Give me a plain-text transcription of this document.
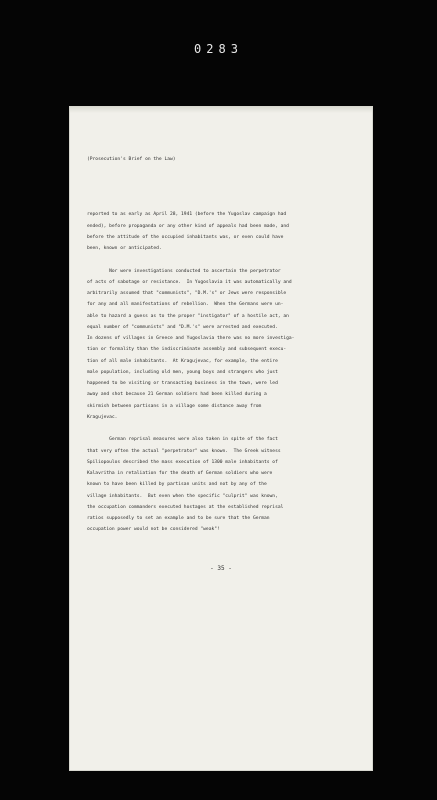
0283

(Prosecution's Brief on the Law)

reported to as early as April 28, 1941 (before the Yugoslav campaign had
ended), before propaganda or any other kind of appeals had been made, and
before the attitude of the occupied inhabitants was, or even could have
been, known or anticipated.
Nor were investigations conducted to ascertain the perpetrator
of acts of sabotage or resistance.  In Yugoslavia it was automatically and
arbitrarily assumed that "communists", "D.M.'s" or Jews were responsible
for any and all manifestations of rebellion.  When the Germans were un-
able to hazard a guess as to the proper "instigator" of a hostile act, an
equal number of "communists" and "D.M.'s" were arrested and executed.
In dozens of villages in Greece and Yugoslavia there was no more investiga-
tion or formality than the indiscriminate assembly and subsequent execu-
tion of all male inhabitants.  At Kragujevac, for example, the entire
male population, including old men, young boys and strangers who just
happened to be visiting or transacting business in the town, were led
away and shot because 21 German soldiers had been killed during a
skirmish between partisans in a village some distance away from
Kragujevac.
German reprisal measures were also taken in spite of the fact
that very often the actual "perpetrator" was known.  The Greek witness
Spiliopoulos described the mass execution of 1300 male inhabitants of
Kalavritha in retaliation for the death of German soldiers who were
known to have been killed by partisan units and not by any of the
village inhabitants.  But even when the specific "culprit" was known,
the occupation commanders executed hostages at the established reprisal
ratios supposedly to set an example and to be sure that the German
occupation power would not be considered "weak"!

- 35 -
